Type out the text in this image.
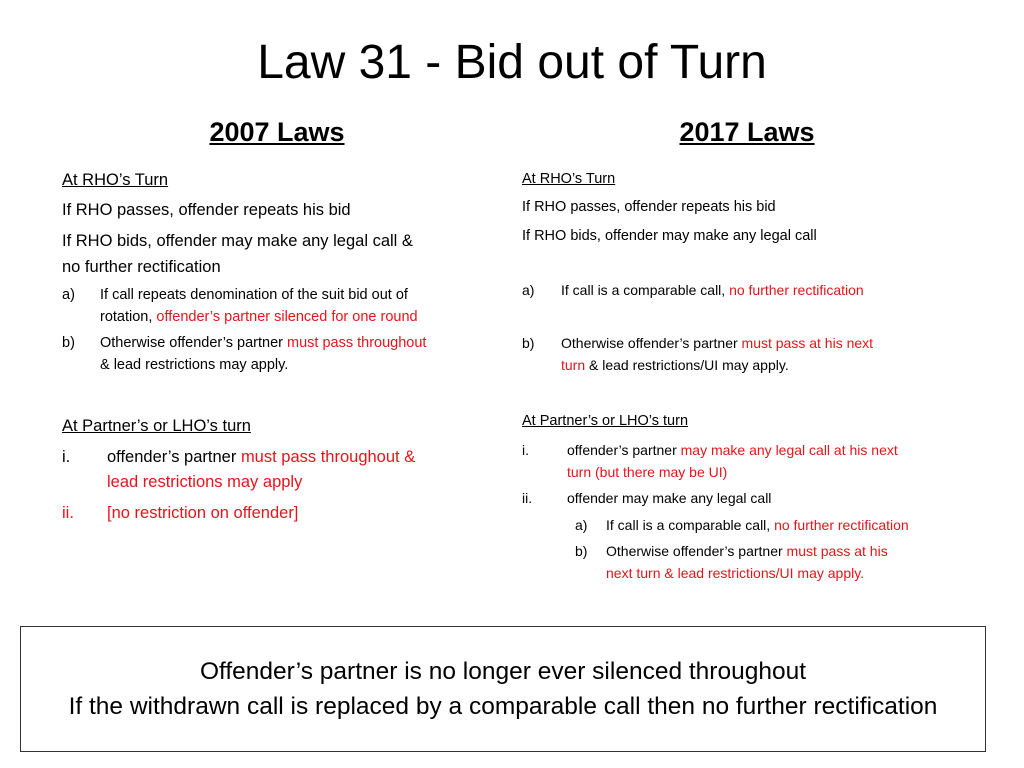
Law 31 - Bid out of Turn
2007 Laws	2017 Laws
At RHO’s Turn
If RHO passes, offender repeats his bid
If RHO bids, offender may make any legal call &
no further rectification
a) If call repeats denomination of the suit bid out of
rotation, offender’s partner silenced for one round
b) Otherwise offender’s partner must pass throughout
& lead restrictions may apply.
At Partner’s or LHO’s turn
i. offender’s partner must pass throughout &
lead restrictions may apply
ii. [no restriction on offender]
At RHO’s Turn
If RHO passes, offender repeats his bid
If RHO bids, offender may make any legal call
a) If call is a comparable call, no further rectification
b) Otherwise offender’s partner must pass at his next
turn & lead restrictions/UI may apply.
At Partner’s or LHO’s turn
i.	offender’s partner may make any legal call at his next
turn (but there may be UI)
ii. offender may make any legal call
a) If call is a comparable call, no further rectification
b) Otherwise offender’s partner must pass at his
next turn & lead restrictions/UI may apply.
Offender’s partner is no longer ever silenced throughout
If the withdrawn call is replaced by a comparable call then no further rectification
